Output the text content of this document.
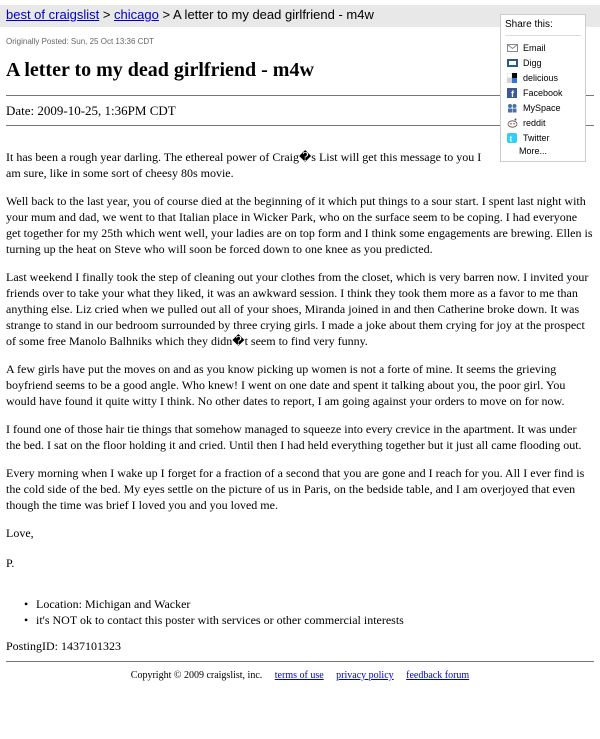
best of craigslist > chicago > A letter to my dead girlfriend - m4w
Originally Posted: Sun, 25 Oct 13:36 CDT
A letter to my dead girlfriend - m4w
Date: 2009-10-25, 1:36PM CDT
Share this:
Email
Digg
delicious
f Facebook
MySpace
reddit
t Twitter
More...

It has been a rough year darling. The ethereal power of Craig�s List will get this message to you I am sure, like in some sort of cheesy 80s movie.

Well back to the last year, you of course died at the beginning of it which put things to a sour start. I spent last night with your mum and dad, we went to that Italian place in Wicker Park, who on the surface seem to be coping. I had everyone get together for my 25th which went well, your ladies are on top form and I think some engagements are brewing. Ellen is turning up the heat on Steve who will soon be forced down to one knee as you predicted.

Last weekend I finally took the step of cleaning out your clothes from the closet, which is very barren now. I invited your friends over to take your what they liked, it was an awkward session. I think they took them more as a favor to me than anything else. Liz cried when we pulled out all of your shoes, Miranda joined in and then Catherine broke down. It was strange to stand in our bedroom surrounded by three crying girls. I made a joke about them crying for joy at the prospect of some free Manolo Balhniks which they didn�t seem to find very funny.

A few girls have put the moves on and as you know picking up women is not a forte of mine. It seems the grieving boyfriend seems to be a good angle. Who knew! I went on one date and spent it talking about you, the poor girl. You would have found it quite witty I think. No other dates to report, I am going against your orders to move on for now.

I found one of those hair tie things that somehow managed to squeeze into every crevice in the apartment. It was under the bed. I sat on the floor holding it and cried. Until then I had held everything together but it just all came flooding out.

Every morning when I wake up I forget for a fraction of a second that you are gone and I reach for you. All I ever find is the cold side of the bed. My eyes settle on the picture of us in Paris, on the bedside table, and I am overjoyed that even though the time was brief I loved you and you loved me.

Love,

P.

• Location: Michigan and Wacker
• it's NOT ok to contact this poster with services or other commercial interests
PostingID: 1437101323
Copyright © 2009 craigslist, inc. terms of use privacy policy feedback forum
